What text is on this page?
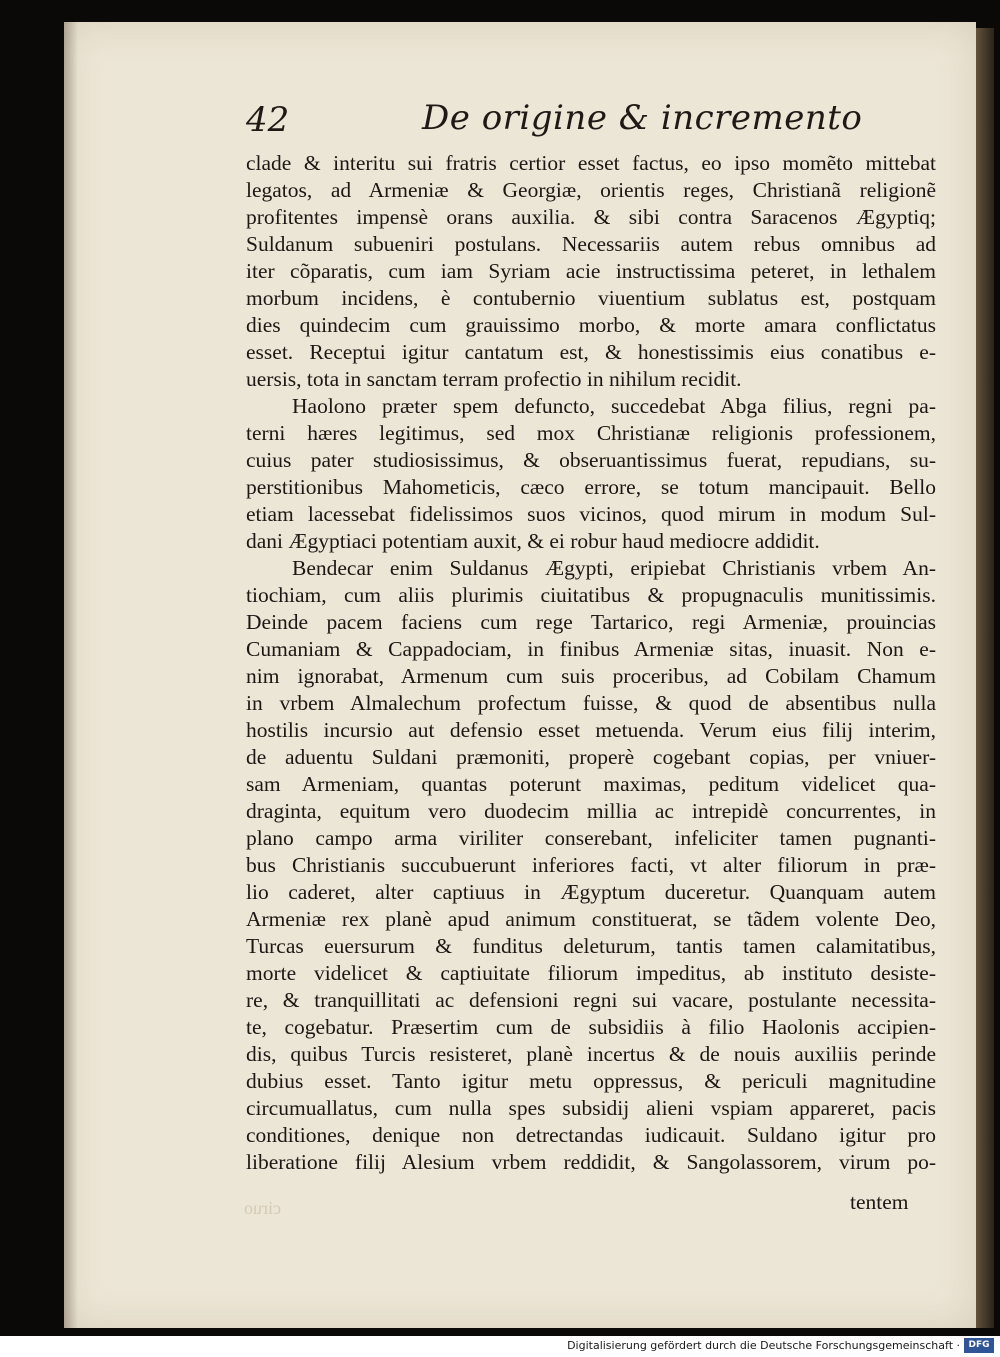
42	De origine & incremento
clade & interitu sui fratris certior esset factus, eo ipso momẽto mittebat
legatos, ad Armeniæ & Georgiæ, orientis reges, Christianã religionẽ
profitentes impensè orans auxilia. & sibi contra Saracenos Ægyptiq;
Suldanum subueniri postulans. Necessariis autem rebus omnibus ad
iter cõparatis, cum iam Syriam acie instructissima peteret, in lethalem
morbum incidens, è contubernio viuentium sublatus est, postquam
dies quindecim cum grauissimo morbo, & morte amara conflictatus
esset. Receptui igitur cantatum est, & honestissimis eius conatibus e-
uersis, tota in sanctam terram profectio in nihilum recidit.
Haolono præter spem defuncto, succedebat Abga filius, regni pa-
terni hæres legitimus, sed mox Christianæ religionis professionem,
cuius pater studiosissimus, & obseruantissimus fuerat, repudians, su-
perstitionibus Mahometicis, cæco errore, se totum mancipauit. Bello
etiam lacessebat fidelissimos suos vicinos, quod mirum in modum Sul-
dani Ægyptiaci potentiam auxit, & ei robur haud mediocre addidit.
Bendecar enim Suldanus Ægypti, eripiebat Christianis vrbem An-
tiochiam, cum aliis plurimis ciuitatibus & propugnaculis munitissimis.
Deinde pacem faciens cum rege Tartarico, regi Armeniæ, prouincias
Cumaniam & Cappadociam, in finibus Armeniæ sitas, inuasit. Non e-
nim ignorabat, Armenum cum suis proceribus, ad Cobilam Chamum
in vrbem Almalechum profectum fuisse, & quod de absentibus nulla
hostilis incursio aut defensio esset metuenda. Verum eius filij interim,
de aduentu Suldani præmoniti, properè cogebant copias, per vniuer-
sam Armeniam, quantas poterunt maximas, peditum videlicet qua-
draginta, equitum vero duodecim millia ac intrepidè concurrentes, in
plano campo arma viriliter conserebant, infeliciter tamen pugnanti-
bus Christianis succubuerunt inferiores facti, vt alter filiorum in præ-
lio caderet, alter captiuus in Ægyptum duceretur. Quanquam autem
Armeniæ rex planè apud animum constituerat, se tãdem volente Deo,
Turcas euersurum & funditus deleturum, tantis tamen calamitatibus,
morte videlicet & captiuitate filiorum impeditus, ab instituto desiste-
re, & tranquillitati ac defensioni regni sui vacare, postulante necessita-
te, cogebatur. Præsertim cum de subsidiis à filio Haolonis accipien-
dis, quibus Turcis resisteret, planè incertus & de nouis auxiliis perinde
dubius esset. Tanto igitur metu oppressus, & periculi magnitudine
circumuallatus, cum nulla spes subsidij alieni vspiam appareret, pacis
conditiones, denique non detrectandas iudicauit. Suldano igitur pro
liberatione filij Alesium vrbem reddidit, & Sangolassorem, virum po-
ciruo	tentem
Digitalisierung gefördert durch die Deutsche Forschungsgemeinschaft · DFG
